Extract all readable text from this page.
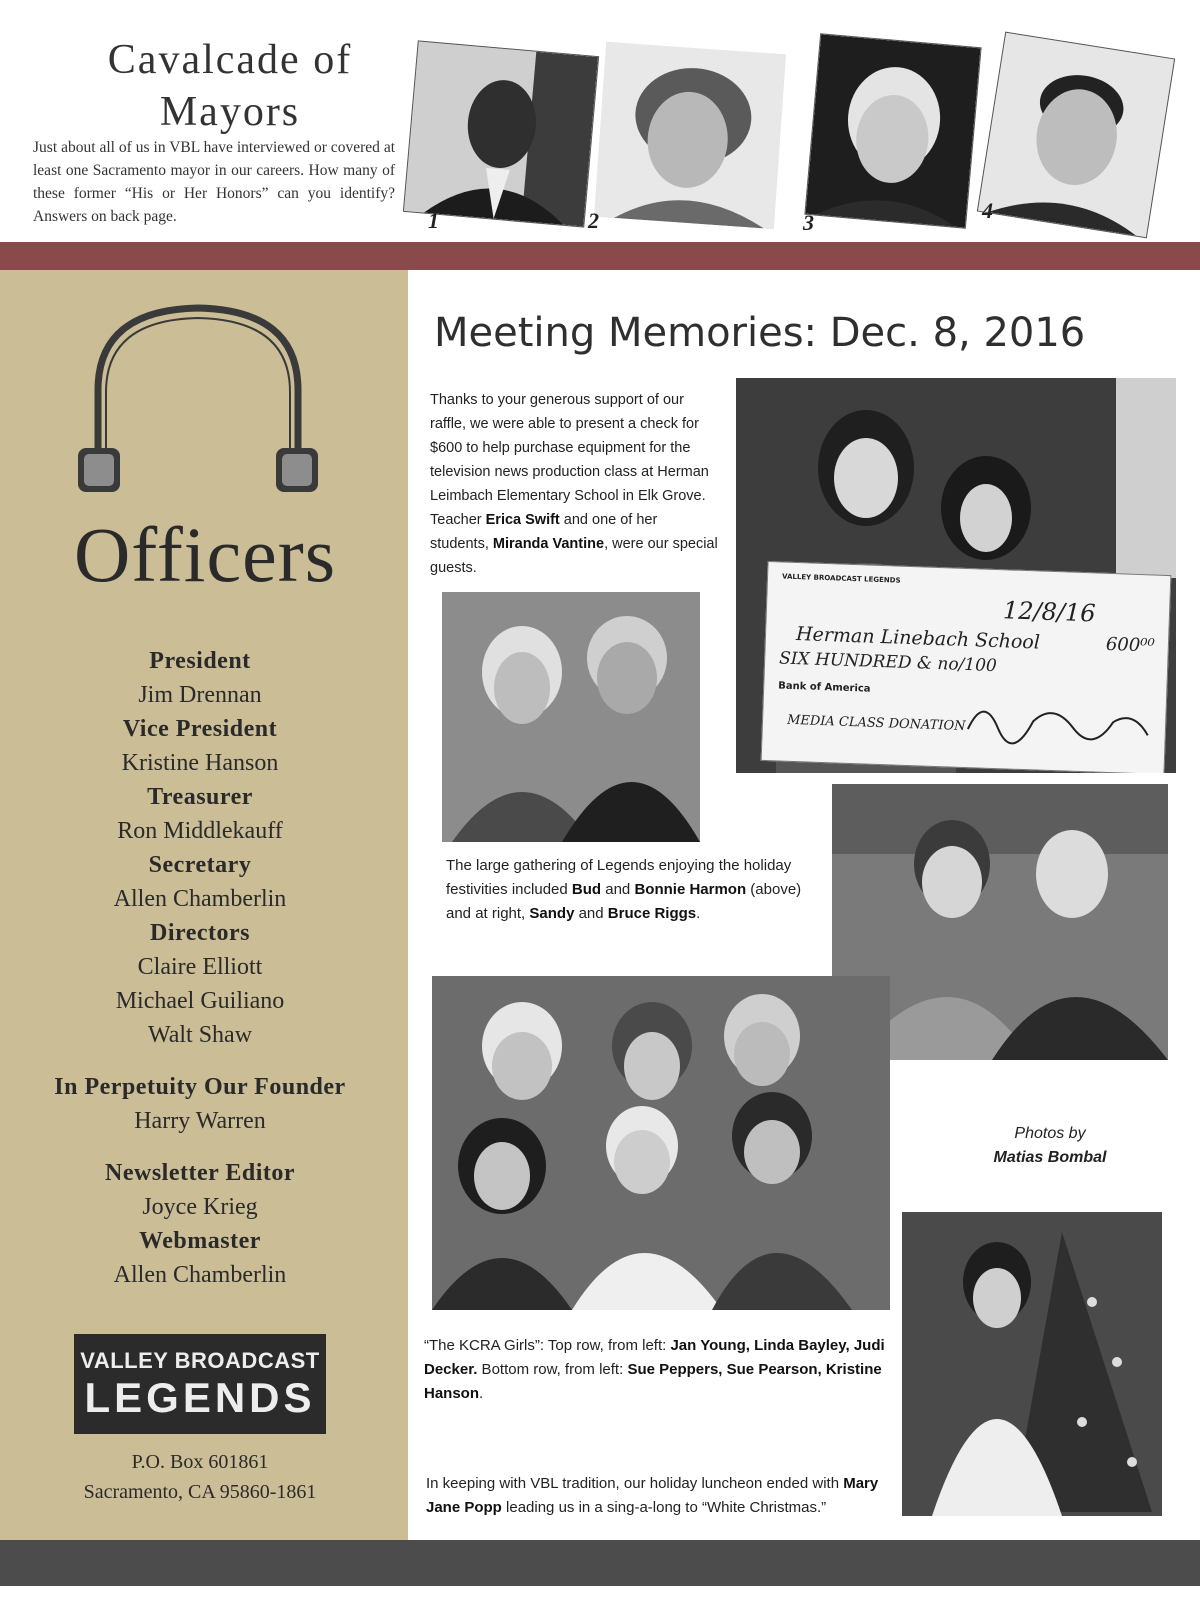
Cavalcade of
Mayors
Just about all of us in VBL have interviewed or covered at least one Sacramento mayor in our careers. How many of these former “His or Her Honors” can you identify? Answers on back page.	1	2	3	4
Officers
President
Jim Drennan
Vice President
Kristine Hanson
Treasurer
Ron Middlekauff
Secretary
Allen Chamberlin
Directors
Claire Elliott
Michael Guiliano
Walt Shaw
In Perpetuity Our Founder
Harry Warren
Newsletter Editor
Joyce Krieg
Webmaster
Allen Chamberlin
VALLEY BROADCAST
LEGENDS
P.O. Box 601861
Sacramento, CA 95860-1861
Meeting Memories: Dec. 8, 2016
Thanks to your generous support of our raffle, we were able to present a check for $600 to help purchase equipment for the television news production class at Herman Leimbach Elementary School in Elk Grove. Teacher Erica Swift and one of her students, Miranda Vantine, were our special guests.
VALLEY BROADCAST LEGENDS
12/8/16
Herman Linebach School	600⁰⁰
SIX HUNDRED & no/100
Bank of America
MEDIA CLASS DONATION
The large gathering of Legends enjoying the holiday festivities included Bud and Bonnie Harmon (above) and at right, Sandy and Bruce Riggs.
Photos by
Matias Bombal
“The KCRA Girls”: Top row, from left: Jan Young, Linda Bayley, Judi Decker. Bottom row, from left: Sue Peppers, Sue Pearson, Kristine Hanson.
In keeping with VBL tradition, our holiday luncheon ended with Mary Jane Popp leading us in a sing-a-long to “White Christmas.”
